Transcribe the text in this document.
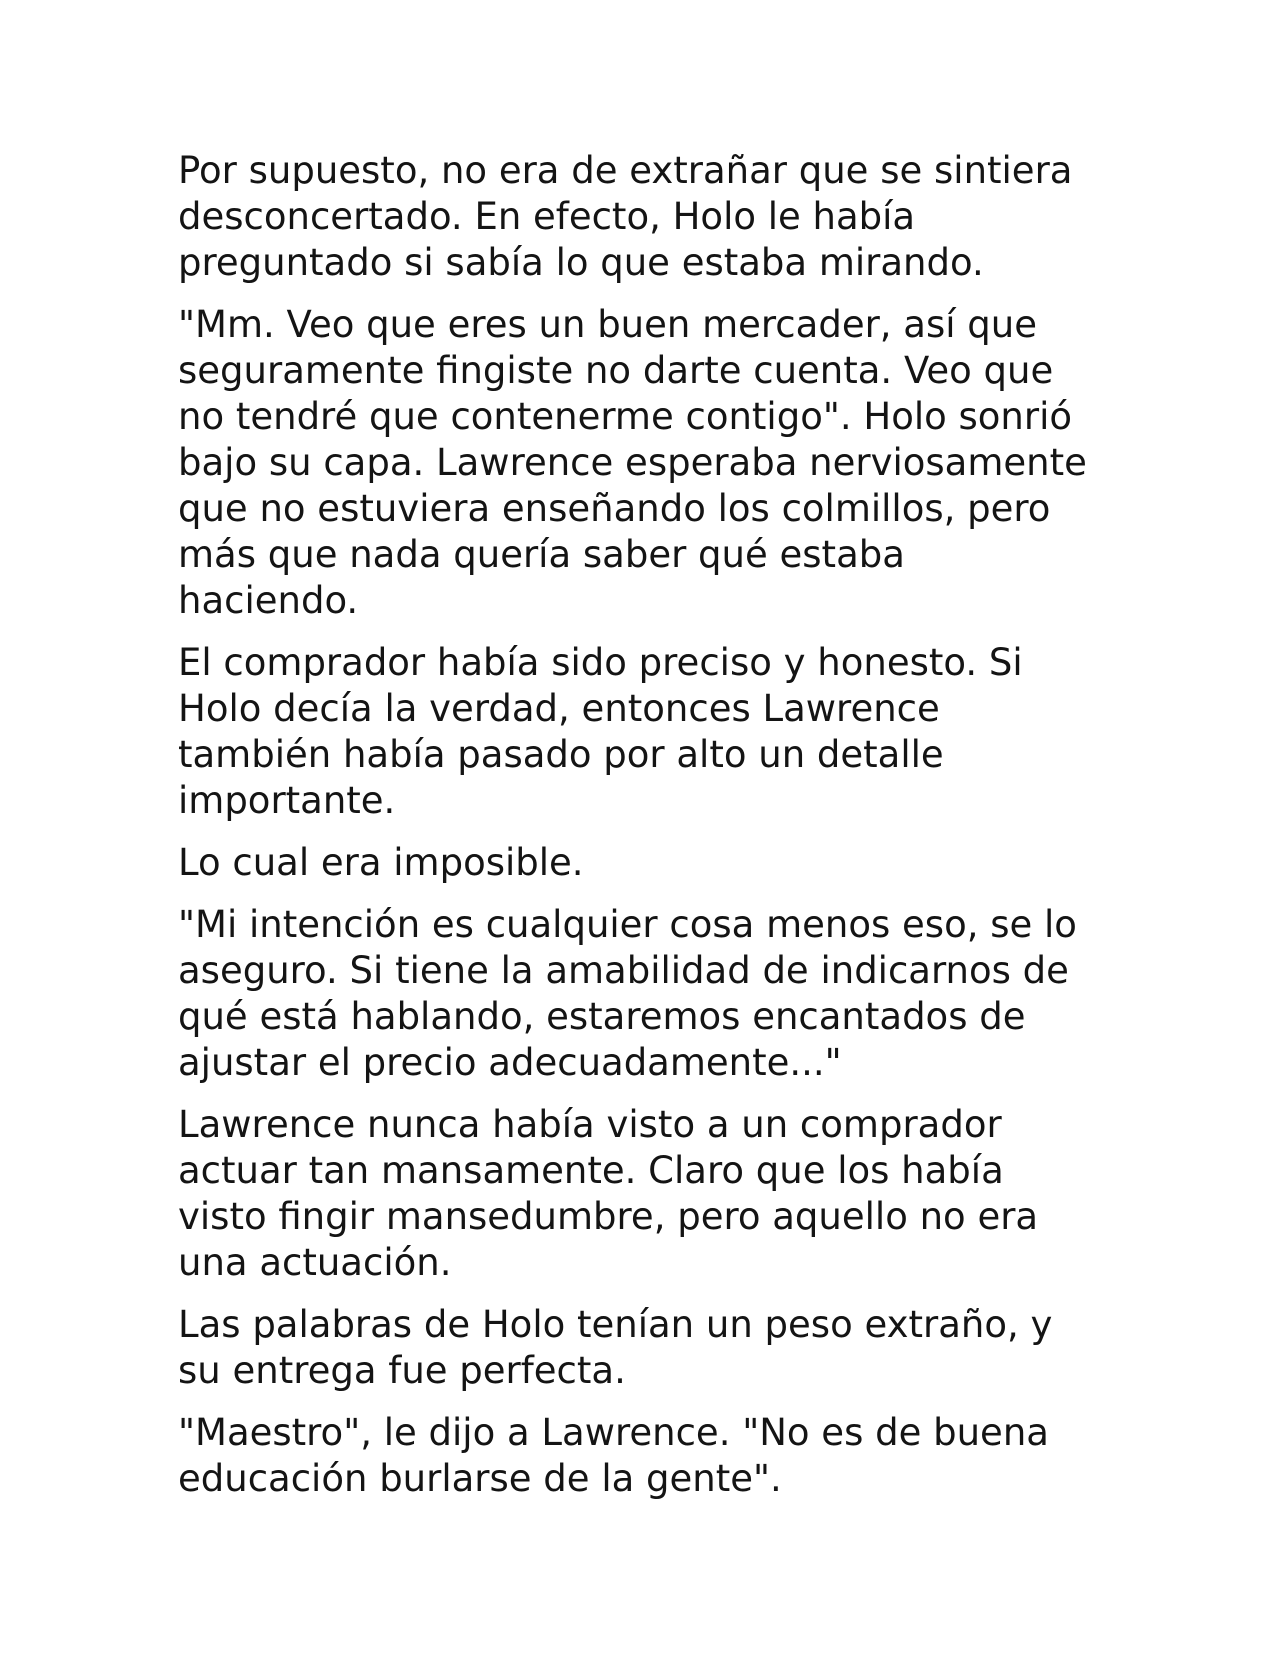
Por supuesto, no era de extrañar que se sintiera
desconcertado. En efecto, Holo le había
preguntado si sabía lo que estaba mirando.

"Mm. Veo que eres un buen mercader, así que
seguramente fingiste no darte cuenta. Veo que
no tendré que contenerme contigo". Holo sonrió
bajo su capa. Lawrence esperaba nerviosamente
que no estuviera enseñando los colmillos, pero
más que nada quería saber qué estaba
haciendo.

El comprador había sido preciso y honesto. Si
Holo decía la verdad, entonces Lawrence
también había pasado por alto un detalle
importante.

Lo cual era imposible.

"Mi intención es cualquier cosa menos eso, se lo
aseguro. Si tiene la amabilidad de indicarnos de
qué está hablando, estaremos encantados de
ajustar el precio adecuadamente..."

Lawrence nunca había visto a un comprador
actuar tan mansamente. Claro que los había
visto fingir mansedumbre, pero aquello no era
una actuación.

Las palabras de Holo tenían un peso extraño, y
su entrega fue perfecta.

"Maestro", le dijo a Lawrence. "No es de buena
educación burlarse de la gente".
